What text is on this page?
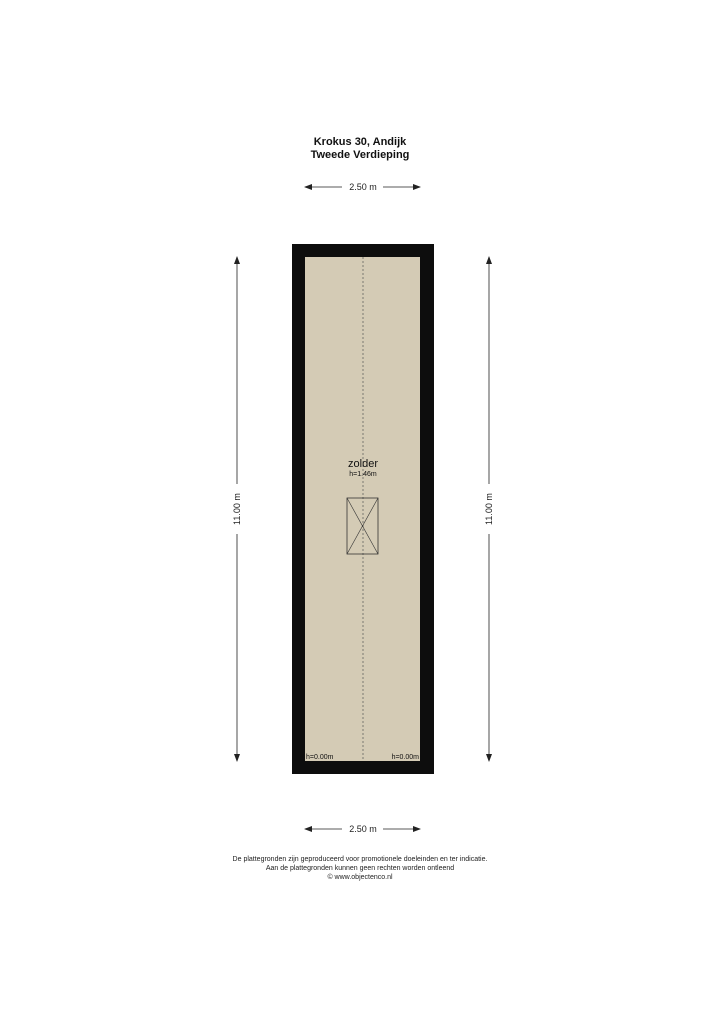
Krokus 30, Andijk
Tweede Verdieping
2.50 m
11.00 m	11.00 m
zolder
h=1.46m
h=0.00m	h=0.00m
2.50 m
De plattegronden zijn geproduceerd voor promotionele doeleinden en ter indicatie.
Aan de plattegronden kunnen geen rechten worden ontleend
© www.objectenco.nl
